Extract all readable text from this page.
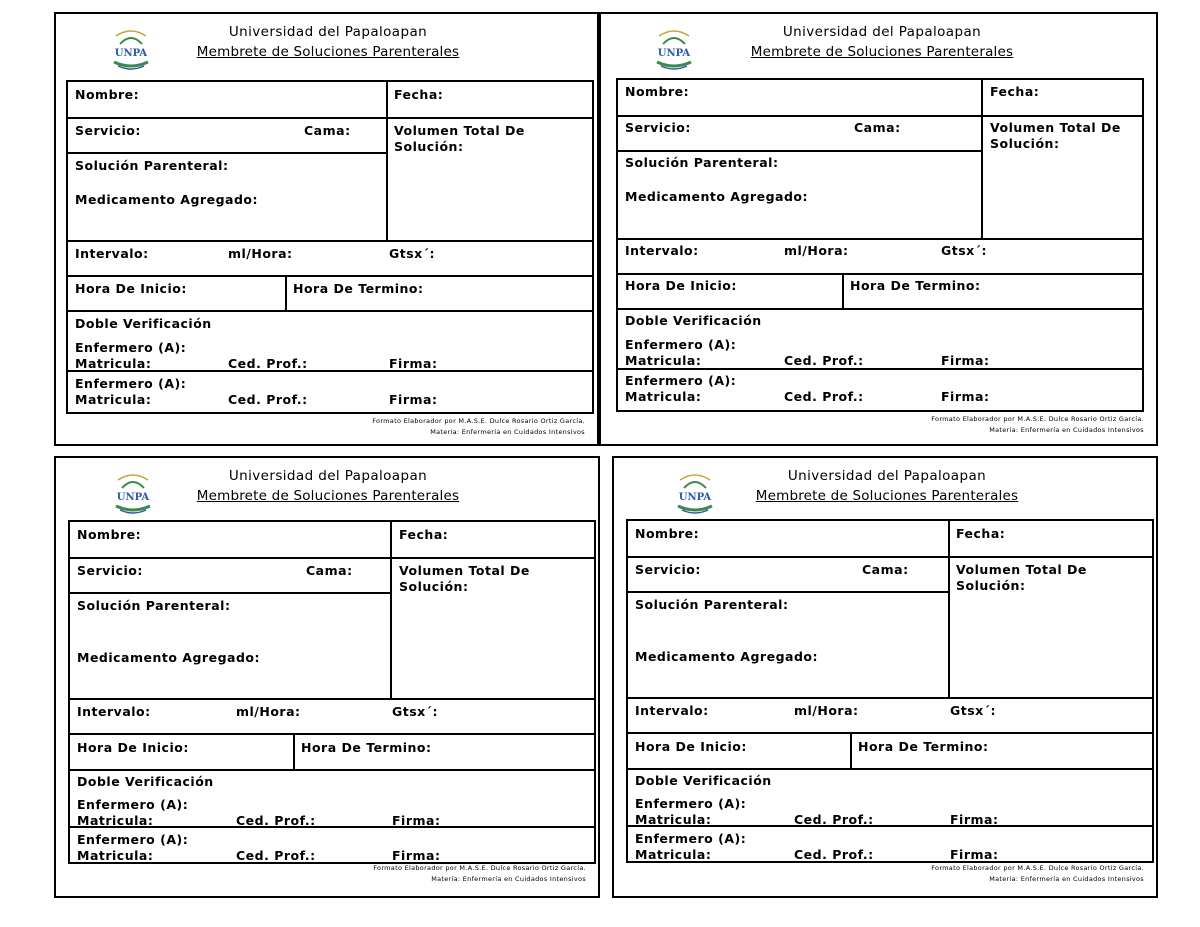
UNPA
Universidad del Papaloapan
Membrete de Soluciones Parenterales
Nombre:	Fecha:
Servicio:	Cama:	Volumen Total De
Solución:
Solución Parenteral:
Medicamento Agregado:
Intervalo:	ml/Hora:	Gtsx´:
Hora De Inicio:	Hora De Termino:
Doble Verificación
Enfermero (A):
Matricula:	Ced. Prof.:	Firma:
Enfermero (A):
Matricula:	Ced. Prof.:	Firma:
Formato Elaborador por M.A.S.E. Dulce Rosario Ortiz García.
Materia: Enfermería en Cuidados Intensivos
UNPA
Universidad del Papaloapan
Membrete de Soluciones Parenterales
Nombre:	Fecha:
Servicio:	Cama:	Volumen Total De
Solución:
Solución Parenteral:
Medicamento Agregado:
Intervalo:	ml/Hora:	Gtsx´:
Hora De Inicio:	Hora De Termino:
Doble Verificación
Enfermero (A):
Matricula:	Ced. Prof.:	Firma:
Enfermero (A):
Matricula:	Ced. Prof.:	Firma:
Formato Elaborador por M.A.S.E. Dulce Rosario Ortiz García.
Materia: Enfermería en Cuidados Intensivos
UNPA
Universidad del Papaloapan
Membrete de Soluciones Parenterales
Nombre:	Fecha:
Servicio:	Cama:	Volumen Total De
Solución:
Solución Parenteral:
Medicamento Agregado:
Intervalo:	ml/Hora:	Gtsx´:
Hora De Inicio:	Hora De Termino:
Doble Verificación
Enfermero (A):
Matricula:	Ced. Prof.:	Firma:
Enfermero (A):
Matricula:	Ced. Prof.:	Firma:
Formato Elaborador por M.A.S.E. Dulce Rosario Ortiz García.
Materia: Enfermería en Cuidados Intensivos
UNPA
Universidad del Papaloapan
Membrete de Soluciones Parenterales
Nombre:	Fecha:
Servicio:	Cama:	Volumen Total De
Solución:
Solución Parenteral:
Medicamento Agregado:
Intervalo:	ml/Hora:	Gtsx´:
Hora De Inicio:	Hora De Termino:
Doble Verificación
Enfermero (A):
Matricula:	Ced. Prof.:	Firma:
Enfermero (A):
Matricula:	Ced. Prof.:	Firma:
Formato Elaborador por M.A.S.E. Dulce Rosario Ortiz García.
Materia: Enfermería en Cuidados Intensivos
